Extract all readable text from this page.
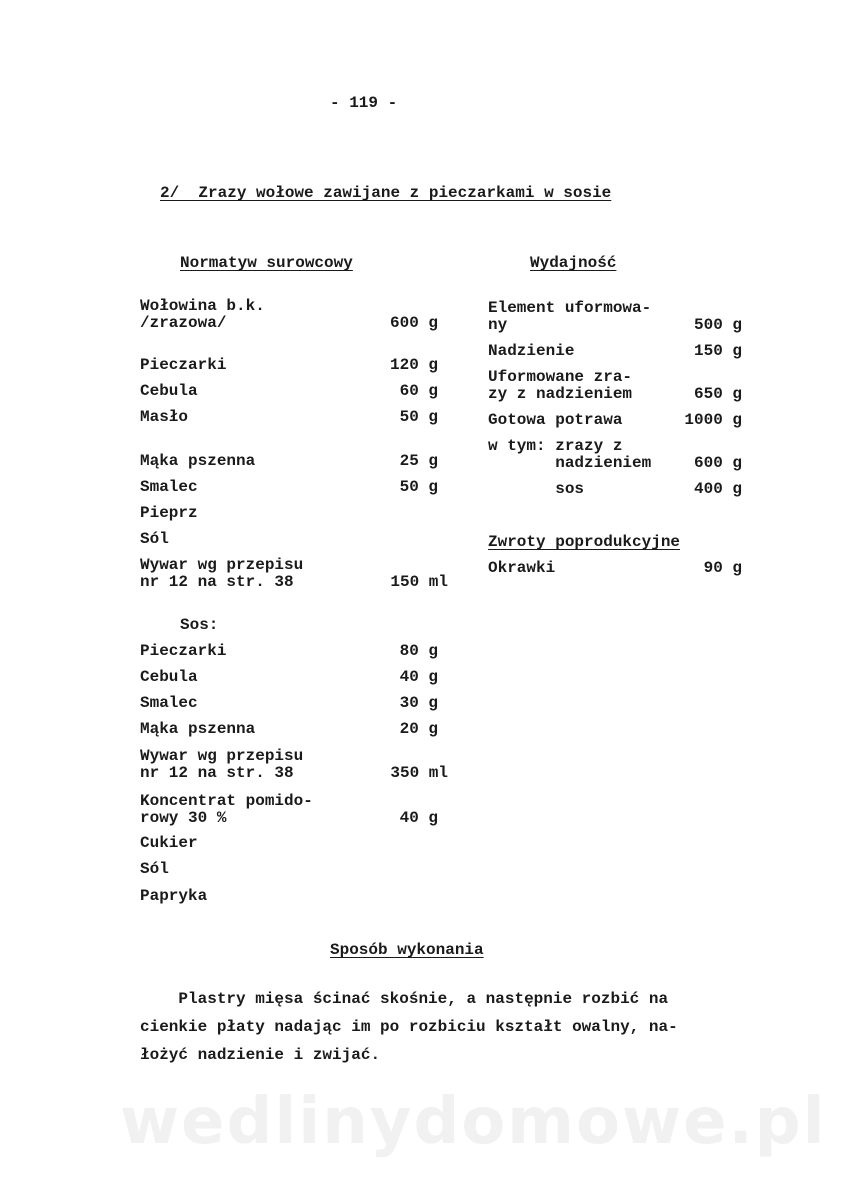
- 119 -
2/  Zrazy wołowe zawijane z pieczarkami w sosie
Normatyw surowcowy
Wołowina b.k.
/zrazowa/	600 g
Pieczarki	120 g
Cebula	60 g
Masło	50 g
Mąka pszenna	25 g
Smalec	50 g
Pieprz
Sól
Wywar wg przepisu
nr 12 na str. 38	150 ml
Sos:
Pieczarki	80 g
Cebula	40 g
Smalec	30 g
Mąka pszenna	20 g
Wywar wg przepisu
nr 12 na str. 38	350 ml
Koncentrat pomido-
rowy 30 %	40 g
Cukier
Sól
Papryka
Wydajność
Element uformowa-
ny	500 g
Nadzienie	150 g
Uformowane zra-
zy z nadzieniem	650 g
Gotowa potrawa	1000 g
w tym: zrazy z
nadzieniem	600 g
sos	400 g
Zwroty poprodukcyjne
Okrawki	90 g
Sposób wykonania
Plastry mięsa ścinać skośnie, a następnie rozbić na
cienkie płaty nadając im po rozbiciu kształt owalny, na-
łożyć nadzienie i zwijać.
wedlinydomowe.pl
